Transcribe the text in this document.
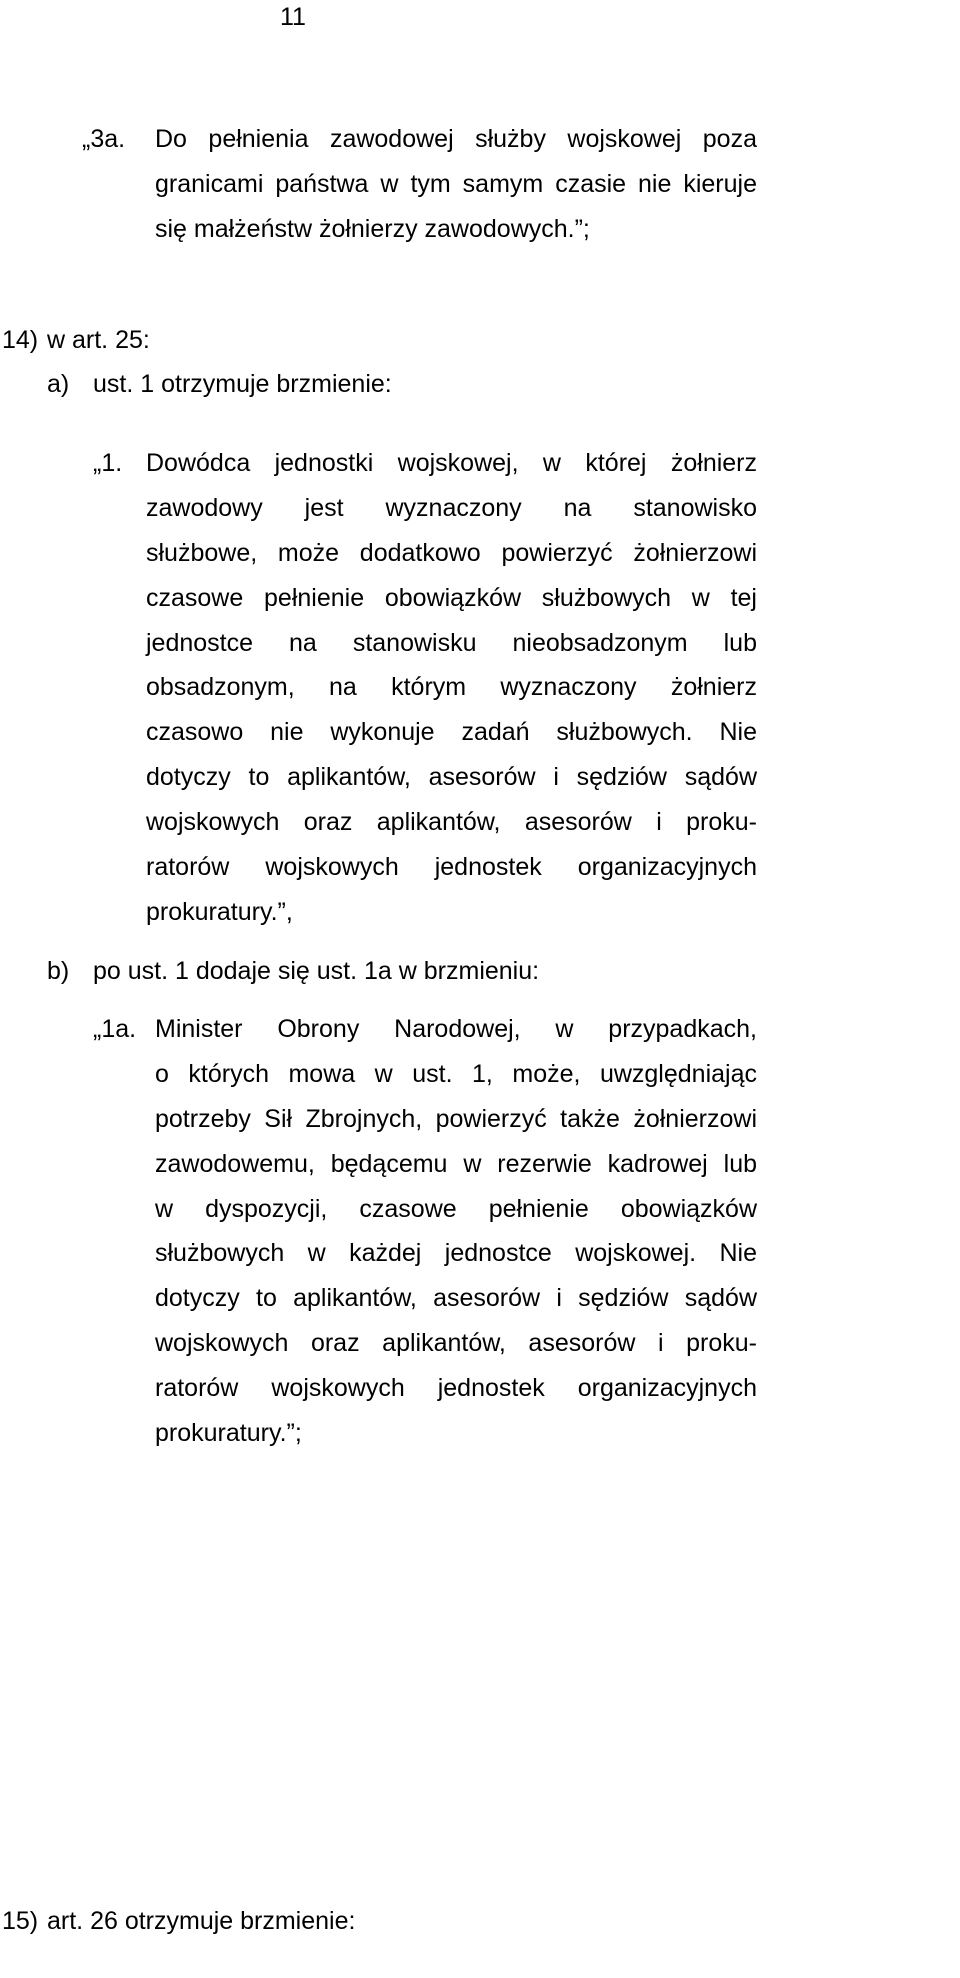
11
„3a. Do pełnienia zawodowej służby wojskowej poza
granicami państwa w tym samym czasie nie kieruje
się małżeństw żołnierzy zawodowych.”;
14) w art. 25:
a) ust. 1 otrzymuje brzmienie:
„1. Dowódca jednostki wojskowej, w której żołnierz
zawodowy jest wyznaczony na stanowisko
służbowe, może dodatkowo powierzyć żołnierzowi
czasowe pełnienie obowiązków służbowych w tej
jednostce na stanowisku nieobsadzonym lub
obsadzonym, na którym wyznaczony żołnierz
czasowo nie wykonuje zadań służbowych. Nie
dotyczy to aplikantów, asesorów i sędziów sądów
wojskowych oraz aplikantów, asesorów i proku-
ratorów wojskowych jednostek organizacyjnych
prokuratury.”,
b) po ust. 1 dodaje się ust. 1a w brzmieniu:
„1a. Minister Obrony Narodowej, w przypadkach,
o których mowa w ust. 1, może, uwzględniając
potrzeby Sił Zbrojnych, powierzyć także żołnierzowi
zawodowemu, będącemu w rezerwie kadrowej lub
w dyspozycji, czasowe pełnienie obowiązków
służbowych w każdej jednostce wojskowej. Nie
dotyczy to aplikantów, asesorów i sędziów sądów
wojskowych oraz aplikantów, asesorów i proku-
ratorów wojskowych jednostek organizacyjnych
prokuratury.”;
15) art. 26 otrzymuje brzmienie:
